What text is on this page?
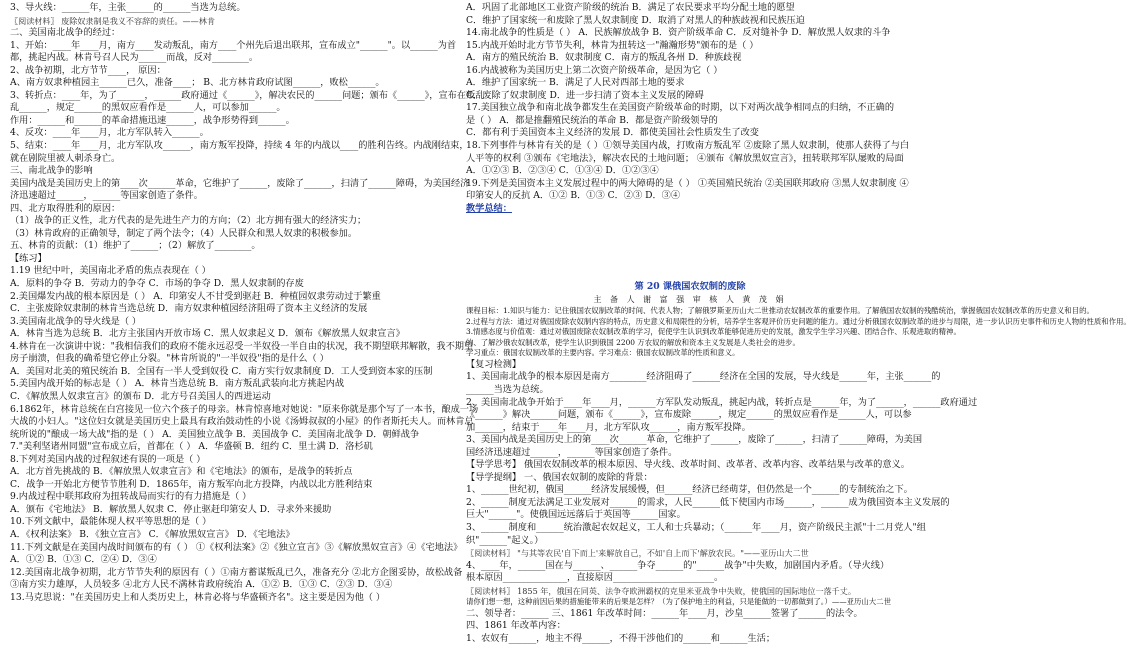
3、导火线：______年，主张______的______当选为总统。
〖阅读材料〗 废除奴隶制是我义不容辞的责任。——林肯
二、美国南北战争的经过：
1、开始：____年____月，南方____发动叛乱，南方____个州先后退出联邦，宣布成立"______"。以______为首
都，挑起内战。林肯号召人民为______而战，反对________。
2、战争初期，北方节节____， 原因：
A、南方奴隶种植园主______已久，准备____； B、北方林肯政府试图______，败松______。
3、转折点：____年，为了______，______政府通过《______》，解决农民的______问题；颁布《______》，宣布在叛乱
乱______，规定______的黑奴应看作是______人，可以参加______。
作用：______和______的革命措施迅速______，战争形势得到______。
4、反攻：____年____月，北方军队转入______。
5、结束：____年____月，北方军队攻______，南方叛军投降，持续 4 年的内战以____的胜利告终。内战刚结束，
就在剧院里被人刺杀身亡。
三、南北战争的影响
美国内战是美国历史上的第____次______革命，它维护了______，废除了______，扫清了______障碍，为美国经济
济迅速超过______，______等国家创造了条件。
四、北方取得胜利的原因：
（1）战争的正义性，北方代表的是先进生产力的方向；（2）北方拥有强大的经济实力；
（3）林肯政府的正确领导，制定了两个法令；（4）人民群众和黑人奴隶的积极参加。
五、林肯的贡献：（1）维护了______；（2）解放了________。
【练习】
1.19 世纪中叶，美国南北矛盾的焦点表现在（ ）
A．原料的争夺 B．劳动力的争夺 C．市场的争夺 D．黑人奴隶制的存废
2.美国爆发内战的根本原因是（ ） A．印第安人不甘受到驱赶 B．种植园奴隶劳动过于繁重
C．主张废除奴隶制的林肯当选总统 D．南方奴隶种植园经济阻碍了资本主义经济的发展
3.美国南北战争的导火线是（ ）
A．林肯当选为总统 B．北方主张国内开放市场 C．黑人奴隶起义 D．颁布《解放黑人奴隶宣言》
4.林肯在一次演讲中说："我相信我们的政府不能永远忍受一半奴役一半自由的状况，我不期望联邦解散，我不期望
房子崩溃，但我的确希望它停止分裂。"林肯所说的"一半奴役"指的是什么（ ）
A．美国对北美的殖民统治 B．全国有一半人受到奴役 C．南方实行奴隶制度 D．工人受到资本家的压制
5.美国内战开始的标志是（ ） A．林肯当选总统 B．南方叛乱武装向北方挑起内战
C．《解放黑人奴隶宣言》的颁布 D．北方号召美国人的西进运动
6.1862年，林肯总统在白宫接见一位六个孩子的母亲。林肯惊喜地对她说："原来你就是那个写了一本书，酿成一场
大战的小妇人。"这位妇女就是美国历史上最具有政治鼓动性的小说《汤姆叔叔的小屋》的作者斯托夫人。而林肯总
统所说的"酿成一场大战"指的是（ ） A．美国独立战争 B．美国战争 C．美国南北战争 D．朝鲜战争
7."美利坚诸州同盟"宣布成立后，首都在（ ） A．华盛顿 B．纽约 C．里士满 D．洛杉矶
8.下列对美国内战的过程叙述有误的一项是（ ）
A．北方首先挑战的 B．《解放黑人奴隶宣言》和《宅地法》的颁布，是战争的转折点
C．战争一开始北方便节节胜利 D．1865年，南方叛军向北方投降，内战以北方胜利结束
9.内战过程中联邦政府为扭转战局而实行的有力措施是（ ）
A．颁布《宅地法》 B．解放黑人奴隶 C．停止驱赶印第安人 D．寻求外来援助
10.下列文献中，最能体现人权平等思想的是（ ）
A．《权利法案》 B．《独立宣言》 C．《解放黑奴宣言》 D．《宅地法》
11.下列文献是在美国内战时间颁布的有（ ） ①《权利法案》②《独立宣言》③《解放黑奴宣言》④《宅地法》
A．①② B．①③ C．②④ D．③④
12.美国南北战争初期，北方节节失利的原因有（ ）①南方蓄谋叛乱已久，准备充分 ②北方企图妥协，故松战备
③南方实力雄厚，人员较多 ④北方人民不满林肯政府统治 A．①② B．①③ C．②③ D．③④
13.马克思说："在美国历史上和人类历史上，林肯必将与华盛顿齐名"。这主要是因为他（ ）
A．巩固了北部地区工业资产阶级的统治 B．满足了农民要求平均分配土地的愿望
C．维护了国家统一和废除了黑人奴隶制度 D．取消了对黑人的种族歧视和民族压迫
14.南北战争的性质是（ ） A．民族解放战争 B．资产阶级革命 C．反对缝补争 D．解放黑人奴隶的斗争
15.内战开始时北方节节失利，林肯为扭转这一"瀚瀚形势"颁布的是（ ）
A．南方的殖民统治 B．奴隶制度 C．南方的叛乱各州 D．种族歧视
16.内战被称为美国历史上第二次资产阶级革命，是因为它（ ）
A．维护了国家统一 B．满足了人民对西部土地的要求
C．废除了奴隶制度 D．进一步扫清了资本主义发展的障碍
17.美国独立战争和南北战争都发生在美国资产阶级革命的时期，以下对两次战争相同点的归纳，不正确的
是（ ） A．都是推翻殖民统治的革命 B．都是资产阶级领导的
C．都有利于美国资本主义经济的发展 D．都使美国社会性质发生了改变
18.下列事件与林肯有关的是（ ）①领导美国内战，打败南方叛乱军 ②废除了黑人奴隶制，使那人获得了与白
人平等的权利 ③颁布《宅地法》，解决农民的土地问题； ④颁布《解放黑奴宣言》，扭转联邦军队屡败的局面
A．①②③ B．②③④ C．①③④ D．①②③④
19.下列是美国资本主义发展过程中的两大障碍的是（ ） ①英国殖民统治 ②美国联邦政府 ③黑人奴隶制度 ④
印第安人的反抗 A．①② B．①③ C．②③ D．③④
教学总结：
第 20 课俄国农奴制的废除
主 备 人 谢 富 强 审 核 人 黄 茂 娟
课程目标：1.知识与能力：记住俄国农奴制改革的时间、代表人物；了解俄罗斯亚历山大二世推动农奴制改革的重要作用。了解俄国农奴制的残酷统治，掌握俄国农奴制改革的历史意义和目的。
2.过程与方法：通过对俄国废除农奴制内容的特点，历史意义和局限性的分析，培养学生客观评价历史问题的能力。通过分析俄国农奴制改革的进步与局限，进一步认识历史事件和历史人物的性质和作用。
3.情感态度与价值观：通过对俄国废除农奴制改革的学习，促使学生认识到改革能够促进历史的发展，激发学生学习兴趣、团结合作、乐观进取的精神。
的、了解沙俄农奴制改革，使学生认识到俄国 2200 万农奴的解放和资本主义发展是人类社会的进步。
学习重点：俄国农奴制改革的主要内容。学习难点：俄国农奴制改革的性质和意义。
【复习检测】
1、美国南北战争的根本原因是南方________经济阻碍了______经济在全国的发展，导火线是______年，主张______的
______当选为总统。
2、美国南北战争开始于____年____月，______方军队发动叛乱，挑起内战，转折点是______年，为了______，______政府通过
《______》解决______问题，颁布《______》，宣布废除______，规定______的黑奴应看作是______人，可以参
加______，结束于____年____月，北方军队攻______，南方叛军投降。
3、美国内战是美国历史上的第____次______革命，它维护了______，废除了______，扫清了______障碍，为美国
国经济迅速超过______，______等国家创造了条件。
【导学思考】 俄国农奴制改革的根本原因、导火线、改革时间、改革者、改革内容、改革结果与改革的意义。
【导学提纲】 一、俄国农奴制的废除的背景：
1、______世纪初，俄国______经济发展缓慢，但______经济已经萌芽，但仍然是一个______的专制统治之下。
2、______制度无法满足工业发展对______的需求，人民______低下使国内市场______，______成为俄国资本主义发展的
巨大"______"。使俄国远远落后于英国等______国家。
3、______制度和______统治激起农奴起义，工人和士兵暴动；（______年____月，资产阶级民主派"十二月党人"组
织"______"起义。）
〖阅读材料〗 "与其等农民'自下而上'来解放自己，不如'自上而下'解放农民。"——亚历山大二世
4、____年，______国在与______、______争夺______的"______战争"中失败，加剧国内矛盾。（导火线）
根本原因______________，直接原因______________________。
〖阅读材料〗 1855 年，俄国在同英、法争夺欧洲霸权的克里米亚战争中失败，使俄国的国际地位一落千丈。
请你们想一想，这种前因后果的措施能带来的后果是怎样？（为了保护地主的利益，只是能做的一切都做到了。）——亚历山大二世
二、领导者：______ 三、1861 年改革时间：______年____月，沙皇______签署了______的法令。
四、1861 年改革内容：
1、农奴有______，地主不得______，不得干涉他们的______和______生活；
